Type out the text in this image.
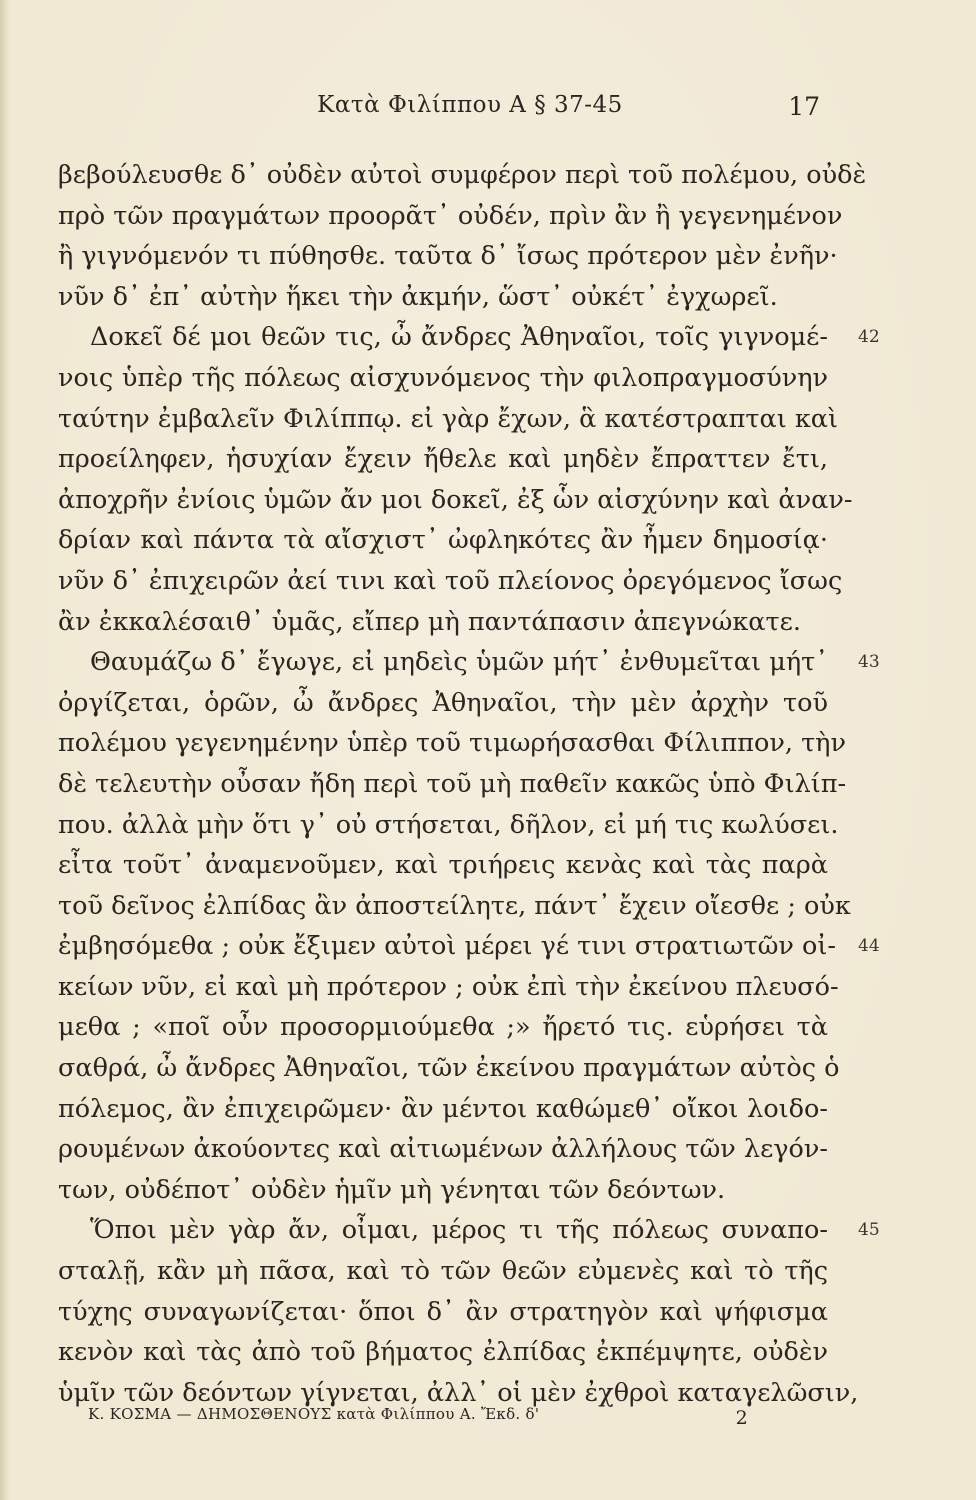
Κατὰ Φιλίππου Α § 37-45	17
βεβούλευσθε δ᾿ οὐδὲν αὐτοὶ συμφέρον περὶ τοῦ πολέμου, οὐδὲ
πρὸ τῶν πραγμάτων προορᾶτ᾿ οὐδέν, πρὶν ἂν ἢ γεγενημένον
ἢ γιγνόμενόν τι πύθησθε. ταῦτα δ᾿ ἴσως πρότερον μὲν ἐνῆν·
νῦν δ᾿ ἐπ᾿ αὐτὴν ἥκει τὴν ἀκμήν, ὥστ᾿ οὐκέτ᾿ ἐγχωρεῖ.
Δοκεῖ δέ μοι θεῶν τις, ὦ ἄνδρες Ἀθηναῖοι, τοῖς γιγνομέ- 42
νοις ὑπὲρ τῆς πόλεως αἰσχυνόμενος τὴν φιλοπραγμοσύνην
ταύτην ἐμβαλεῖν Φιλίππῳ. εἰ γὰρ ἔχων, ἃ κατέστραπται καὶ
προείληφεν, ἡσυχίαν ἔχειν ἤθελε καὶ μηδὲν ἔπραττεν ἔτι,
ἀποχρῆν ἐνίοις ὑμῶν ἄν μοι δοκεῖ, ἐξ ὧν αἰσχύνην καὶ ἀναν-
δρίαν καὶ πάντα τὰ αἴσχιστ᾿ ὠφληκότες ἂν ἦμεν δημοσίᾳ·
νῦν δ᾿ ἐπιχειρῶν ἀεί τινι καὶ τοῦ πλείονος ὀρεγόμενος ἴσως
ἂν ἐκκαλέσαιθ᾿ ὑμᾶς, εἴπερ μὴ παντάπασιν ἀπεγνώκατε.
Θαυμάζω δ᾿ ἔγωγε, εἰ μηδεὶς ὑμῶν μήτ᾿ ἐνθυμεῖται μήτ᾿ 43
ὀργίζεται, ὁρῶν, ὦ ἄνδρες Ἀθηναῖοι, τὴν μὲν ἀρχὴν τοῦ
πολέμου γεγενημένην ὑπὲρ τοῦ τιμωρήσασθαι Φίλιππον, τὴν
δὲ τελευτὴν οὖσαν ἤδη περὶ τοῦ μὴ παθεῖν κακῶς ὑπὸ Φιλίπ-
που. ἀλλὰ μὴν ὅτι γ᾿ οὐ στήσεται, δῆλον, εἰ μή τις κωλύσει.
εἶτα τοῦτ᾿ ἀναμενοῦμεν, καὶ τριήρεις κενὰς καὶ τὰς παρὰ
τοῦ δεῖνος ἐλπίδας ἂν ἀποστείλητε, πάντ᾿ ἔχειν οἴεσθε ; οὐκ
ἐμβησόμεθα ; οὐκ ἔξιμεν αὐτοὶ μέρει γέ τινι στρατιωτῶν οἰ- 44
κείων νῦν, εἰ καὶ μὴ πρότερον ; οὐκ ἐπὶ τὴν ἐκείνου πλευσό-
μεθα ; «ποῖ οὖν προσορμιούμεθα ;» ἤρετό τις. εὑρήσει τὰ
σαθρά, ὦ ἄνδρες Ἀθηναῖοι, τῶν ἐκείνου πραγμάτων αὐτὸς ὁ
πόλεμος, ἂν ἐπιχειρῶμεν· ἂν μέντοι καθώμεθ᾿ οἴκοι λοιδο-
ρουμένων ἀκούοντες καὶ αἰτιωμένων ἀλλήλους τῶν λεγόν-
των, οὐδέποτ᾿ οὐδὲν ἡμῖν μὴ γένηται τῶν δεόντων.
Ὅποι μὲν γὰρ ἄν, οἶμαι, μέρος τι τῆς πόλεως συναπο- 45
σταλῇ, κἂν μὴ πᾶσα, καὶ τὸ τῶν θεῶν εὐμενὲς καὶ τὸ τῆς
τύχης συναγωνίζεται· ὅποι δ᾿ ἂν στρατηγὸν καὶ ψήφισμα
κενὸν καὶ τὰς ἀπὸ τοῦ βήματος ἐλπίδας ἐκπέμψητε, οὐδὲν
ὑμῖν τῶν δεόντων γίγνεται, ἀλλ᾿ οἱ μὲν ἐχθροὶ καταγελῶσιν,
Κ. ΚΟΣΜΑ — ΔΗΜΟΣΘΕΝΟΥΣ κατὰ Φιλίππου Α. Ἔκδ. δ'	2
